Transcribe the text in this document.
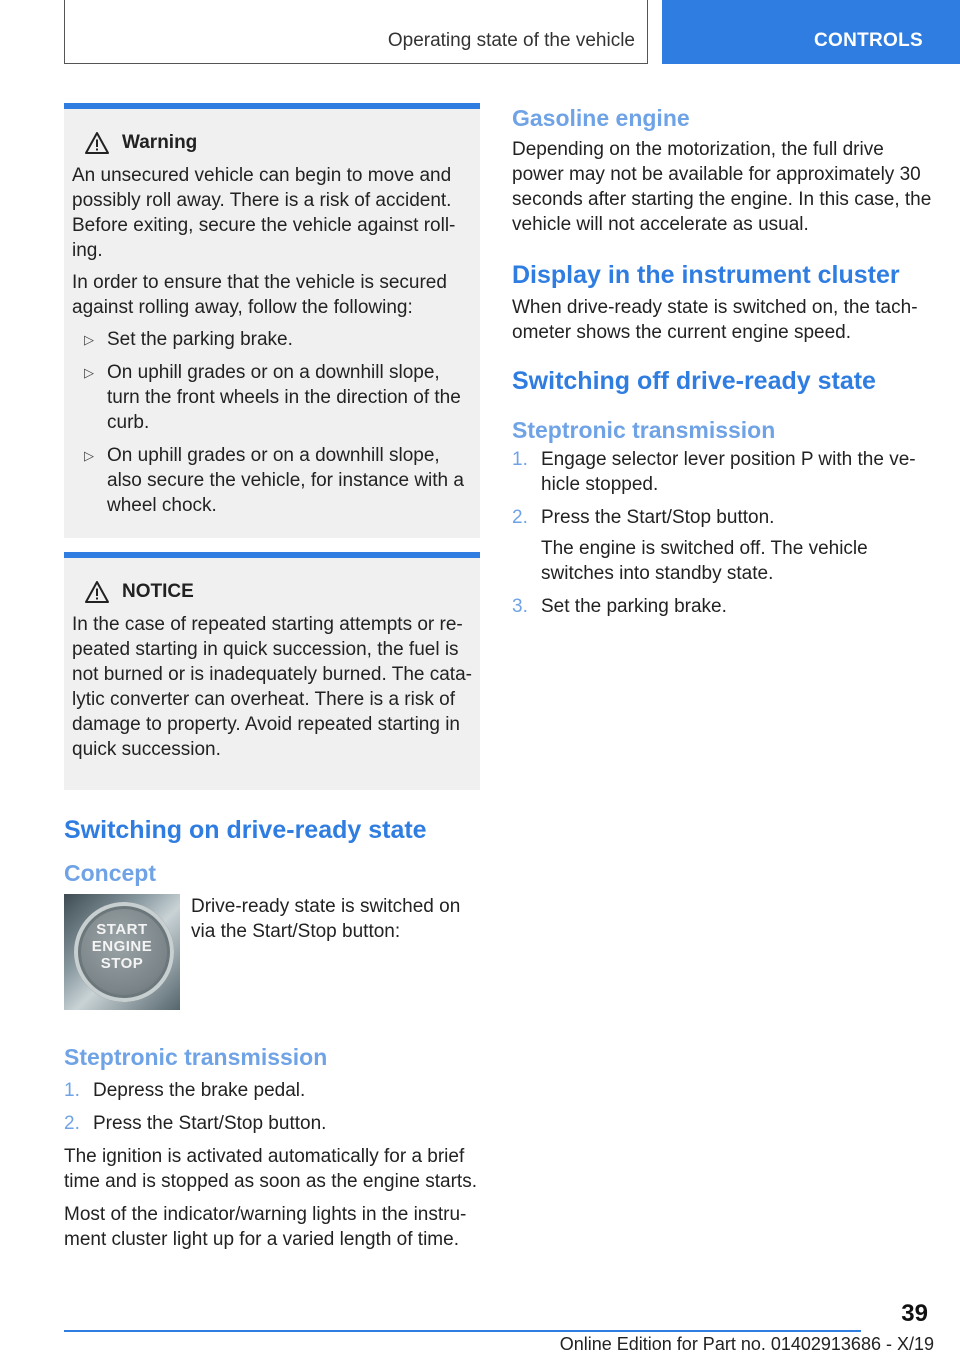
Operating state of the vehicle	CONTROLS
Warning

An unsecured vehicle can begin to move and possibly roll away. There is a risk of accident. Before exiting, secure the vehicle against roll-ing.

In order to ensure that the vehicle is secured against rolling away, follow the following:

▷ Set the parking brake.
▷ On uphill grades or on a downhill slope, turn the front wheels in the direction of the curb.
▷ On uphill grades or on a downhill slope, also secure the vehicle, for instance with a wheel chock.
NOTICE

In the case of repeated starting attempts or re-peated starting in quick succession, the fuel is not burned or is inadequately burned. The cata-lytic converter can overheat. There is a risk of damage to property. Avoid repeated starting in quick succession.

Switching on drive-ready state
Concept
START
ENGINE
STOP

Drive-ready state is switched on via the Start/Stop button:

Steptronic transmission
1. Depress the brake pedal.
2. Press the Start/Stop button.

The ignition is activated automatically for a brief time and is stopped as soon as the engine starts.

Most of the indicator/warning lights in the instru-ment cluster light up for a varied length of time.

Gasoline engine

Depending on the motorization, the full drive power may not be available for approximately 30 seconds after starting the engine. In this case, the vehicle will not accelerate as usual.

Display in the instrument cluster

When drive-ready state is switched on, the tach-ometer shows the current engine speed.

Switching off drive-ready state
Steptronic transmission
1. Engage selector lever position P with the ve-hicle stopped.
2. Press the Start/Stop button.
The engine is switched off. The vehicle switches into standby state.
3. Set the parking brake.
39
Online Edition for Part no. 01402913686 - X/19
